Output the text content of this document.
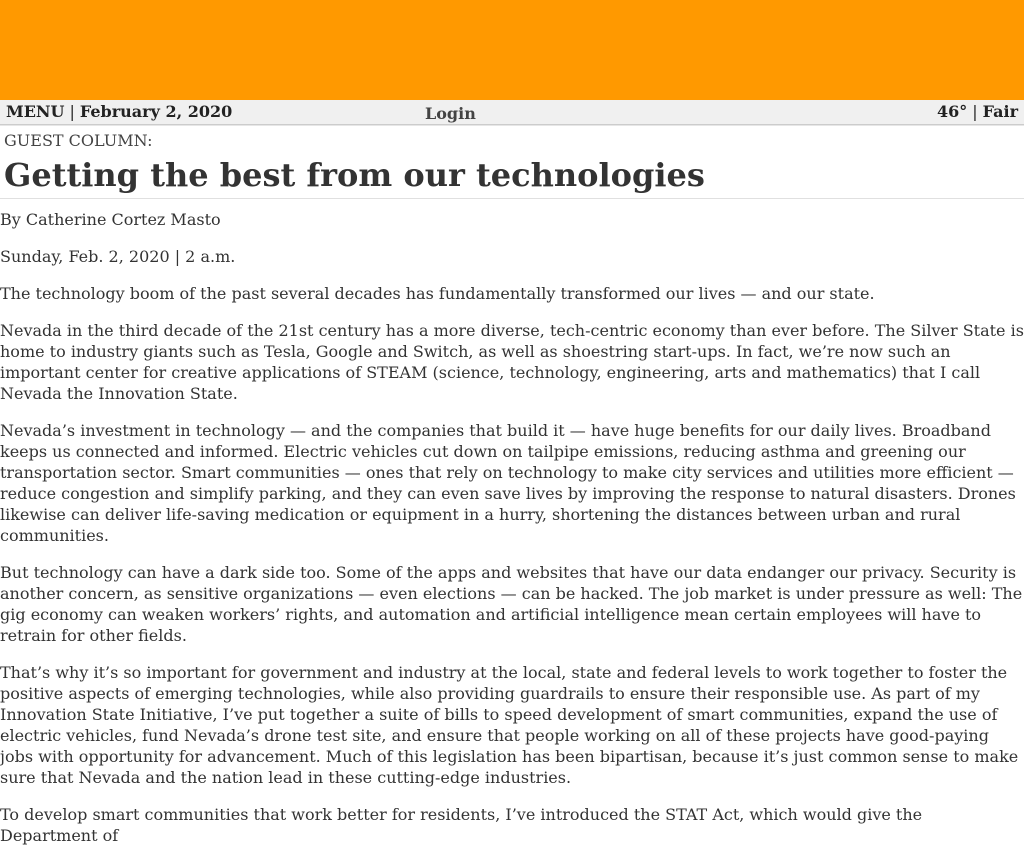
MENU | February 2, 2020	Login	46° | Fair

GUEST COLUMN:

Getting the best from our technologies

By Catherine Cortez Masto

Sunday, Feb. 2, 2020 | 2 a.m.

The technology boom of the past several decades has fundamentally transformed our lives — and our state.

Nevada in the third decade of the 21st century has a more diverse, tech-centric economy than ever before. The Silver State is home to industry giants such as Tesla, Google and Switch, as well as shoestring start-ups. In fact, we’re now such an important center for creative applications of STEAM (science, technology, engineering, arts and mathematics) that I call Nevada the Innovation State.

Nevada’s investment in technology — and the companies that build it — have huge benefits for our daily lives. Broadband keeps us connected and informed. Electric vehicles cut down on tailpipe emissions, reducing asthma and greening our transportation sector. Smart communities — ones that rely on technology to make city services and utilities more efficient — reduce congestion and simplify parking, and they can even save lives by improving the response to natural disasters. Drones likewise can deliver life-saving medication or equipment in a hurry, shortening the distances between urban and rural communities.

But technology can have a dark side too. Some of the apps and websites that have our data endanger our privacy. Security is another concern, as sensitive organizations — even elections — can be hacked. The job market is under pressure as well: The gig economy can weaken workers’ rights, and automation and artificial intelligence mean certain employees will have to retrain for other fields.

That’s why it’s so important for government and industry at the local, state and federal levels to work together to foster the positive aspects of emerging technologies, while also providing guardrails to ensure their responsible use. As part of my Innovation State Initiative, I’ve put together a suite of bills to speed development of smart communities, expand the use of electric vehicles, fund Nevada’s drone test site, and ensure that people working on all of these projects have good-paying jobs with opportunity for advancement. Much of this legislation has been bipartisan, because it’s just common sense to make sure that Nevada and the nation lead in these cutting-edge industries.

To develop smart communities that work better for residents, I’ve introduced the STAT Act, which would give the Department of
